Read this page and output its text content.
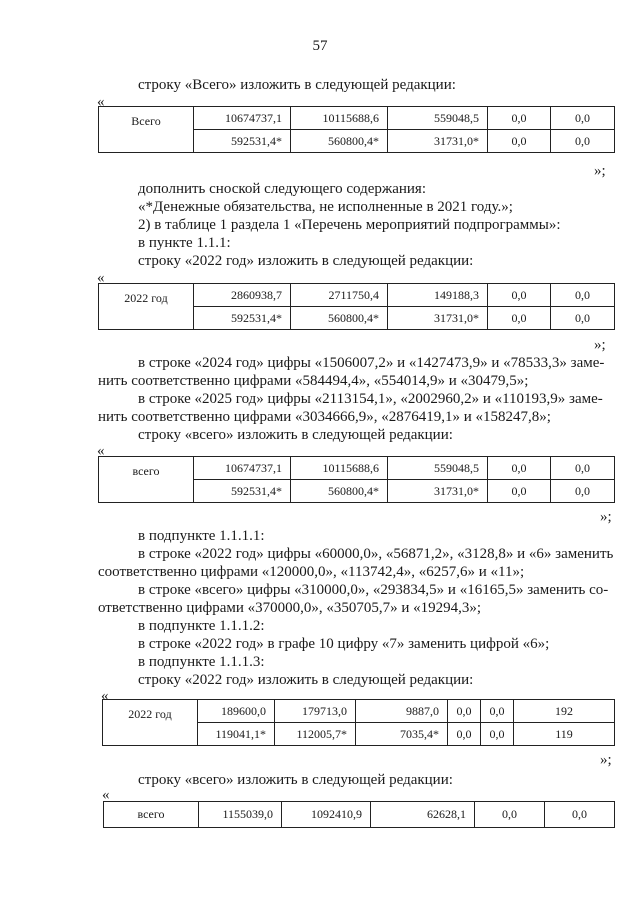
57
строку «Всего» изложить в следующей редакции:
«
Всего	10674737,1	10115688,6	559048,5	0,0	0,0
	592531,4*	560800,4*	31731,0*	0,0	0,0
»;
дополнить сноской следующего содержания:
«*Денежные обязательства, не исполненные в 2021 году.»;
2) в таблице 1 раздела 1 «Перечень мероприятий подпрограммы»:
в пункте 1.1.1:
строку «2022 год» изложить в следующей редакции:
«
2022 год	2860938,7	2711750,4	149188,3	0,0	0,0
	592531,4*	560800,4*	31731,0*	0,0	0,0
»;
в строке «2024 год» цифры «1506007,2» и «1427473,9» и «78533,3» заме-
нить соответственно цифрами «584494,4», «554014,9» и «30479,5»;
в строке «2025 год» цифры «2113154,1», «2002960,2» и «110193,9» заме-
нить соответственно цифрами «3034666,9», «2876419,1» и «158247,8»;
строку «всего» изложить в следующей редакции:
«
всего	10674737,1	10115688,6	559048,5	0,0	0,0
	592531,4*	560800,4*	31731,0*	0,0	0,0
»;
в подпункте 1.1.1.1:
в строке «2022 год» цифры «60000,0», «56871,2», «3128,8» и «6» заменить
соответственно цифрами «120000,0», «113742,4», «6257,6» и «11»;
в строке «всего» цифры «310000,0», «293834,5» и «16165,5» заменить со-
ответственно цифрами «370000,0», «350705,7» и «19294,3»;
в подпункте 1.1.1.2:
в строке «2022 год» в графе 10 цифру «7» заменить цифрой «6»;
в подпункте 1.1.1.3:
строку «2022 год» изложить в следующей редакции:
«
2022 год	189600,0	179713,0	9887,0	0,0	0,0	192
	119041,1*	112005,7*	7035,4*	0,0	0,0	119
»;
строку «всего» изложить в следующей редакции:
«
всего	1155039,0	1092410,9	62628,1	0,0	0,0
